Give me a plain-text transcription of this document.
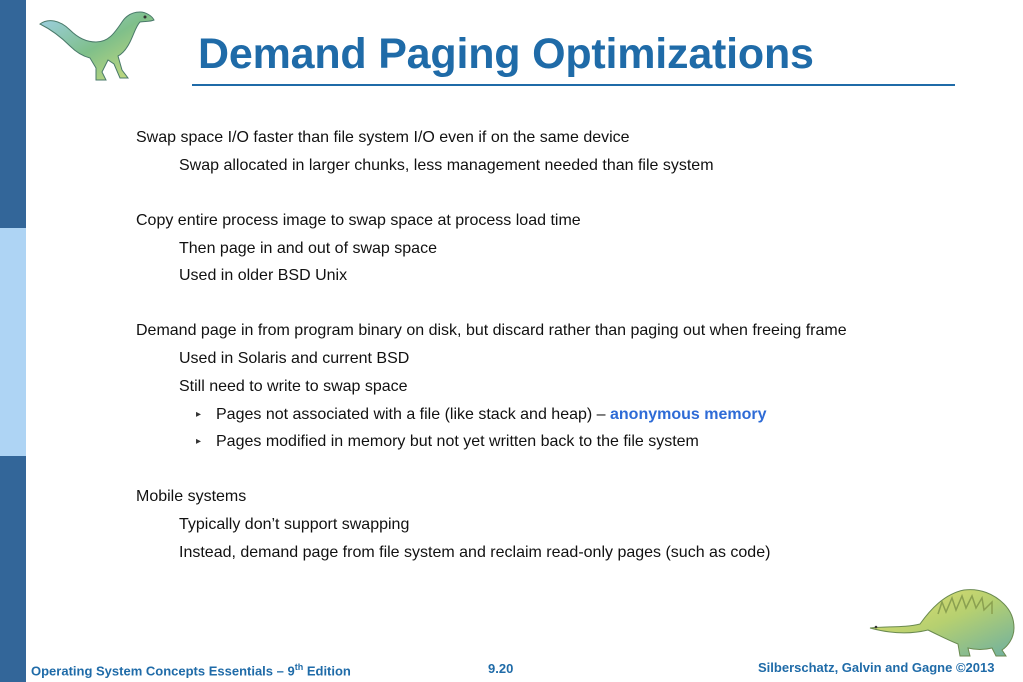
Demand Paging Optimizations
Swap space I/O faster than file system I/O even if on the same device
Swap allocated in larger chunks, less management needed than file system
Copy entire process image to swap space at process load time
Then page in and out of swap space
Used in older BSD Unix
Demand page in from program binary on disk, but discard rather than paging out when freeing frame
Used in Solaris and current BSD
Still need to write to swap space
▸ Pages not associated with a file (like stack and heap) – anonymous memory
▸ Pages modified in memory but not yet written back to the file system
Mobile systems
Typically don’t support swapping
Instead, demand page from file system and reclaim read-only pages (such as code)
Operating System Concepts Essentials – 9th Edition	9.20	Silberschatz, Galvin and Gagne ©2013
